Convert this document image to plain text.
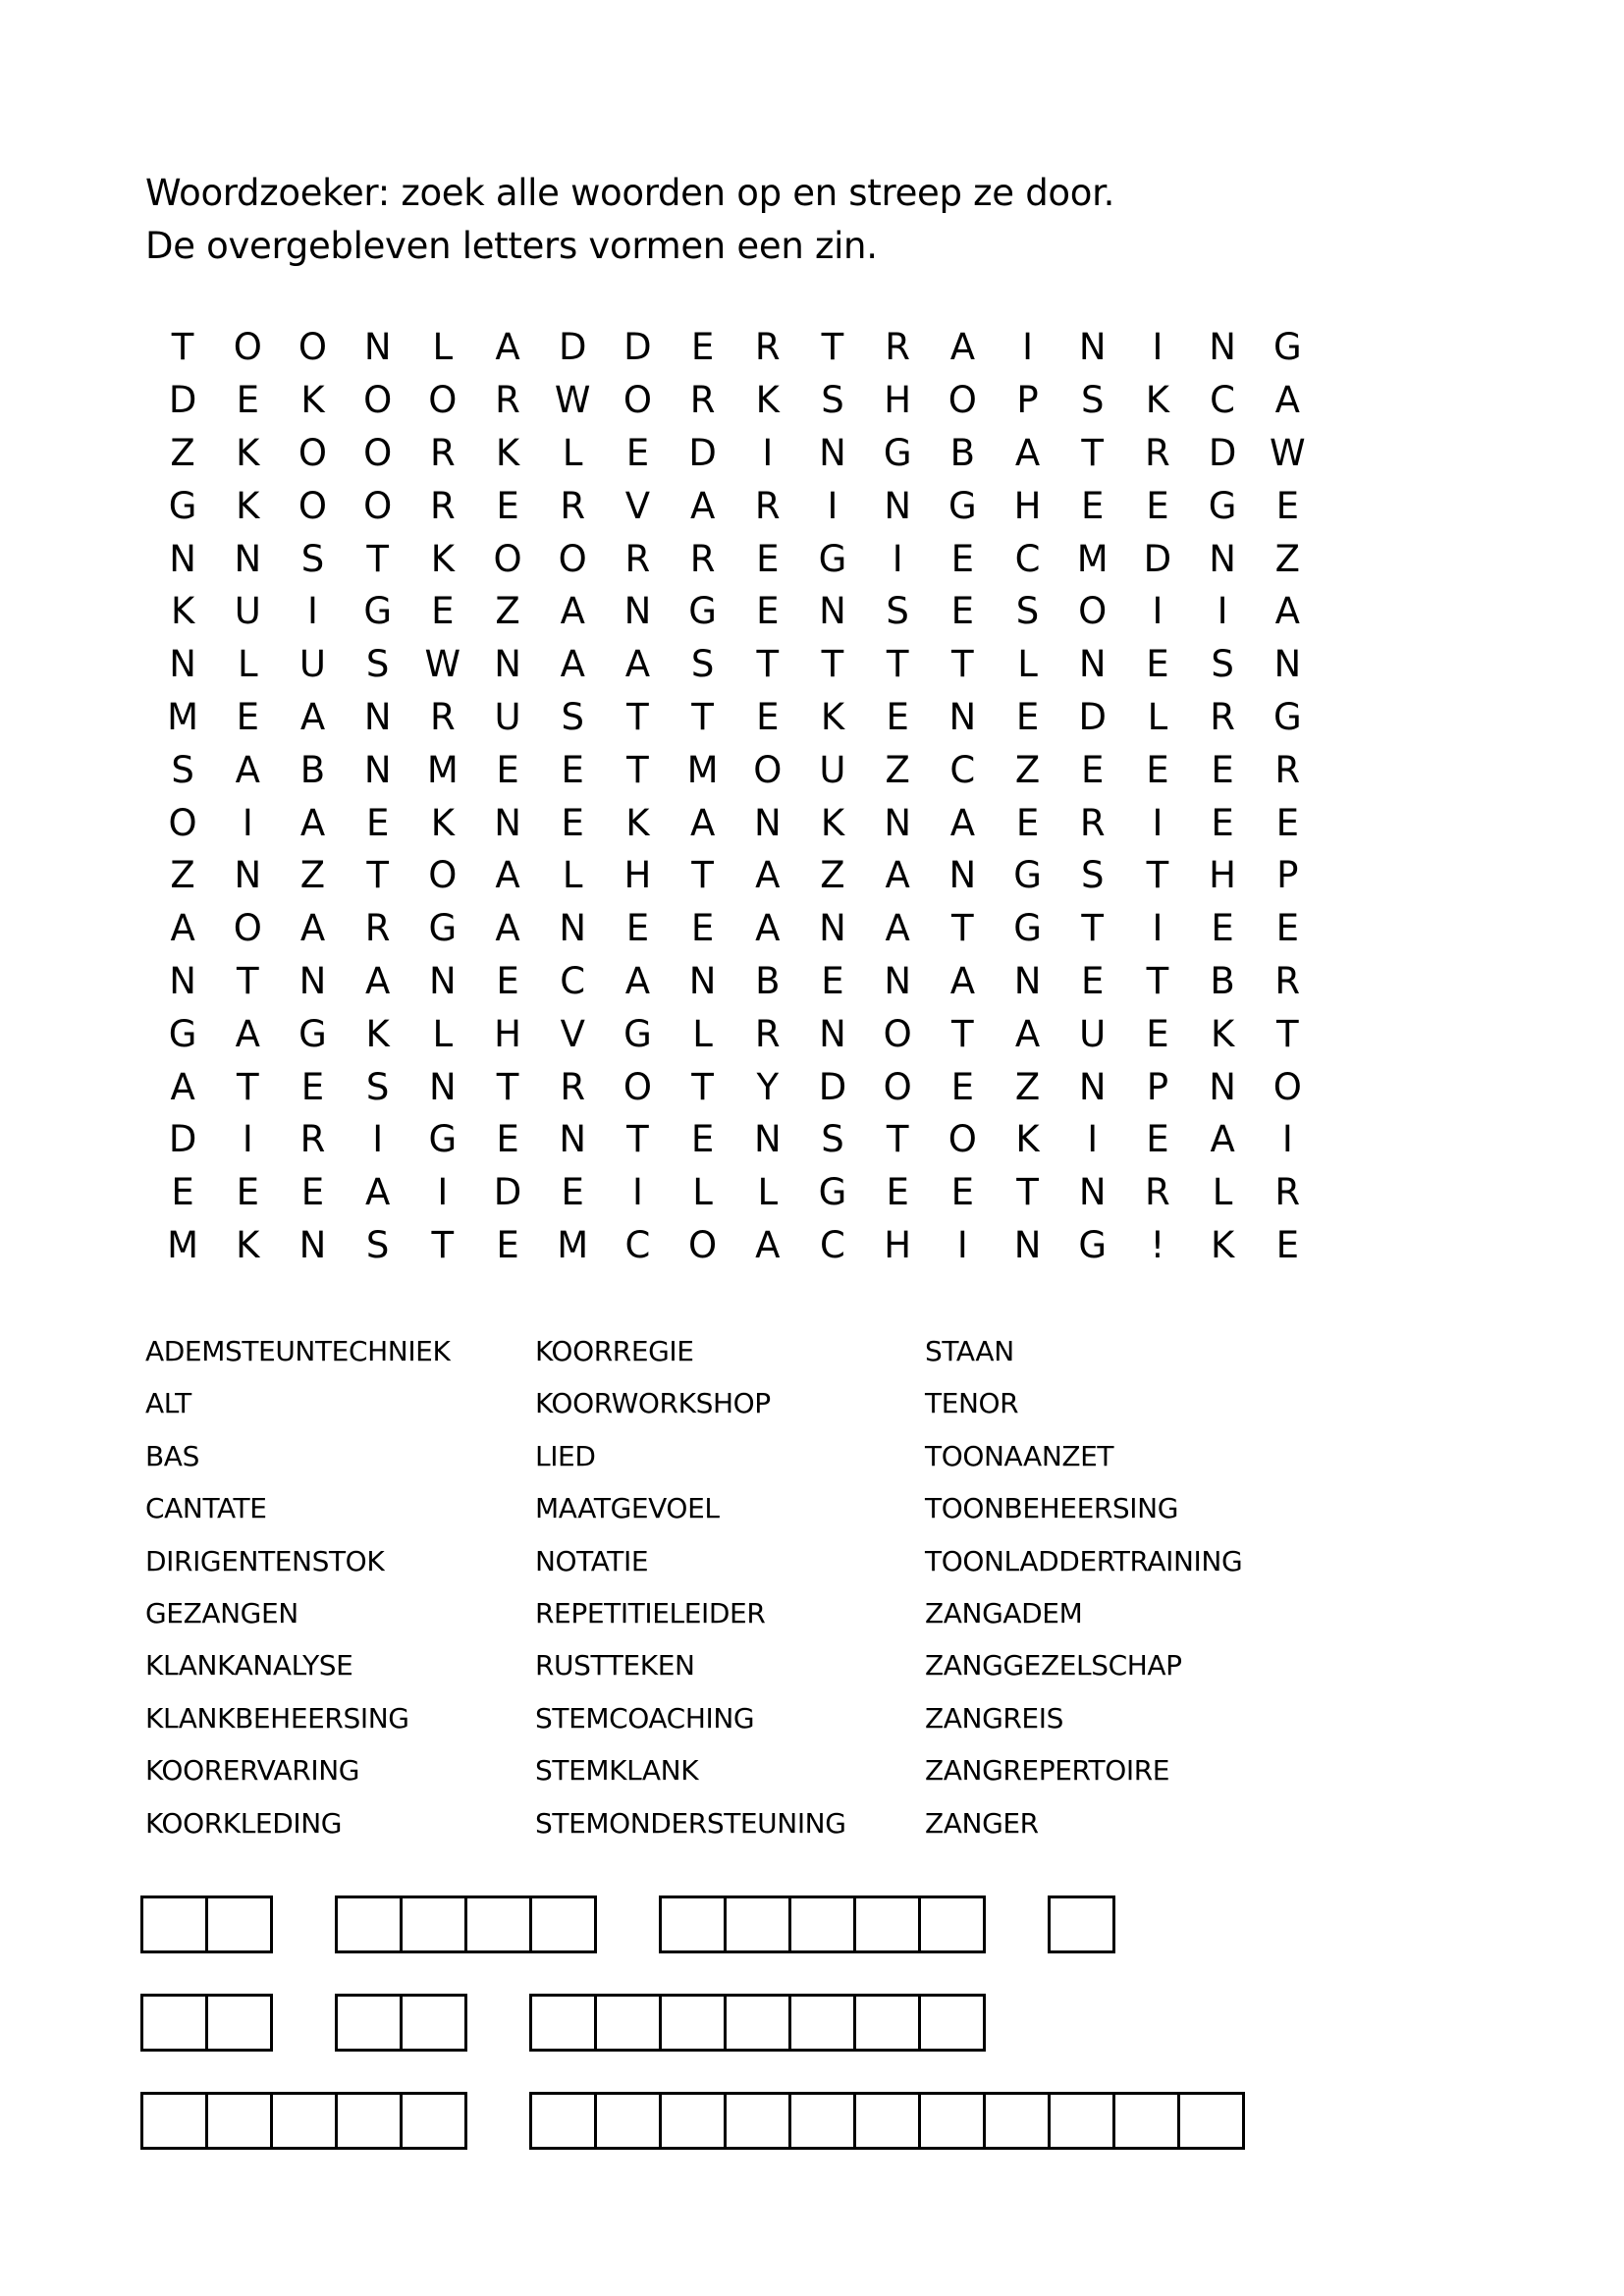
Woordzoeker: zoek alle woorden op en streep ze door.
De overgebleven letters vormen een zin.
T	O	O	N	L	A	D	D	E	R	T	R	A	I	N	I	N	G
D	E	K	O	O	R W O	R	K	S	H	O	P	S	K	C	A
Z	K	O	O	R	K	L	E	D	I	N	G	B	A	T	R	D W
G	K	O	O	R	E	R	V	A	R	I	N	G	H	E	E	G	E
N	N	S	T	K	O	O	R	R	E	G	I	E	C	M D	N	Z
K	U	I	G	E	Z	A	N	G	E	N	S	E	S	O	I	I	A
N	L	U	S W N	A	A	S	T	T	T	T	L	N	E	S	N
M	E	A	N	R	U	S	T	T	E	K	E	N	E	D	L	R	G
S	A	B	N M	E	E	T	M O	U	Z	C	Z	E	E	E	R
O	I	A	E	K	N	E	K	A	N	K	N	A	E	R	I	E	E
Z	N	Z	T	O	A	L	H	T	A	Z	A	N	G	S	T	H	P
A	O	A	R	G	A	N	E	E	A	N	A	T	G	T	I	E	E
N	T	N	A	N	E	C	A	N	B	E	N	A	N	E	T	B	R
G	A	G	K	L	H	V	G	L	R	N	O	T	A	U	E	K	T
A	T	E	S	N	T	R	O	T	Y	D	O	E	Z	N	P	N	O
D	I	R	I	G	E	N	T	E	N	S	T	O	K	I	E	A	I
E	E	E	A	I	D	E	I	L	L	G	E	E	T	N	R	L	R
M	K	N	S	T	E	M	C	O	A	C	H	I	N	G	!	K	E
ADEMSTEUNTECHNIEK
ALT
BAS
CANTATE
DIRIGENTENSTOK
GEZANGEN
KLANKANALYSE
KLANKBEHEERSING
KOORERVARING
KOORKLEDING
KOORREGIE
KOORWORKSHOP
LIED
MAATGEVOEL
NOTATIE
REPETITIELEIDER
RUSTTEKEN
STEMCOACHING
STEMKLANK
STEMONDERSTEUNING
STAAN
TENOR
TOONAANZET
TOONBEHEERSING
TOONLADDERTRAINING
ZANGADEM
ZANGGEZELSCHAP
ZANGREIS
ZANGREPERTOIRE
ZANGER
